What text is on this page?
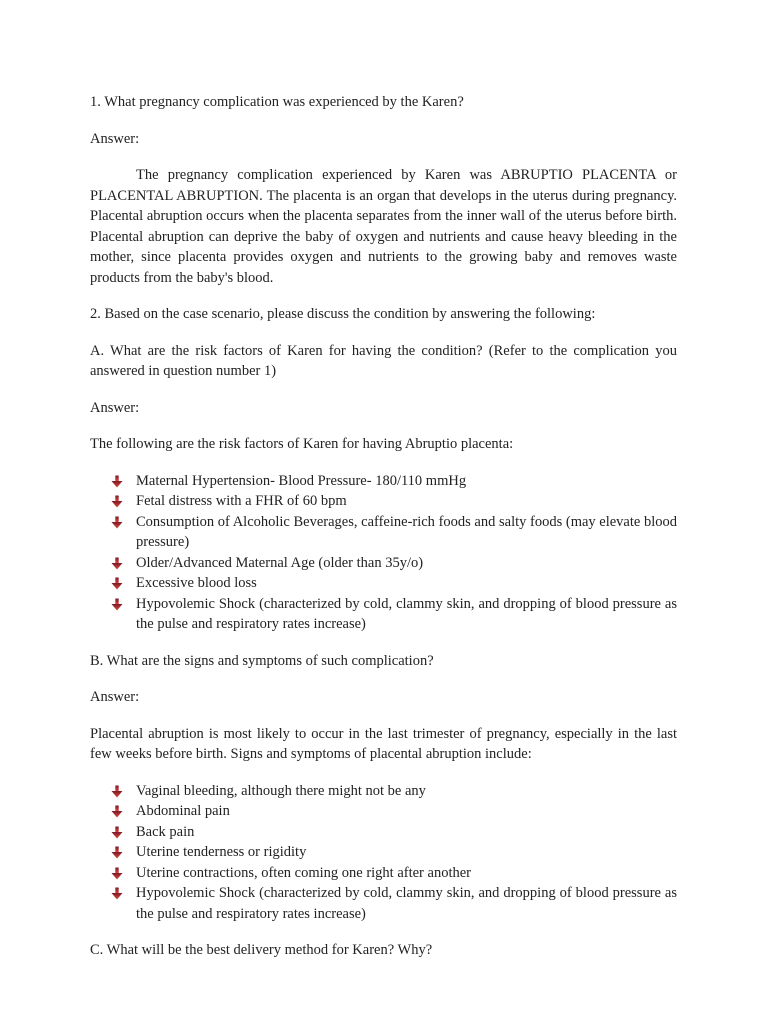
1. What pregnancy complication was experienced by the Karen?

Answer:

The pregnancy complication experienced by Karen was ABRUPTIO PLACENTA or PLACENTAL ABRUPTION. The placenta is an organ that develops in the uterus during pregnancy. Placental abruption occurs when the placenta separates from the inner wall of the uterus before birth. Placental abruption can deprive the baby of oxygen and nutrients and cause heavy bleeding in the mother, since placenta provides oxygen and nutrients to the growing baby and removes waste products from the baby's blood.

2. Based on the case scenario, please discuss the condition by answering the following:

A. What are the risk factors of Karen for having the condition? (Refer to the complication you answered in question number 1)

Answer:

The following are the risk factors of Karen for having Abruptio placenta:

Maternal Hypertension- Blood Pressure- 180/110 mmHg
Fetal distress with a FHR of 60 bpm
Consumption of Alcoholic Beverages, caffeine-rich foods and salty foods (may elevate blood pressure)
Older/Advanced Maternal Age (older than 35y/o)
Excessive blood loss
Hypovolemic Shock (characterized by cold, clammy skin, and dropping of blood pressure as the pulse and respiratory rates increase)

B. What are the signs and symptoms of such complication?

Answer:

Placental abruption is most likely to occur in the last trimester of pregnancy, especially in the last few weeks before birth. Signs and symptoms of placental abruption include:

Vaginal bleeding, although there might not be any
Abdominal pain
Back pain
Uterine tenderness or rigidity
Uterine contractions, often coming one right after another
Hypovolemic Shock (characterized by cold, clammy skin, and dropping of blood pressure as the pulse and respiratory rates increase)

C. What will be the best delivery method for Karen? Why?
